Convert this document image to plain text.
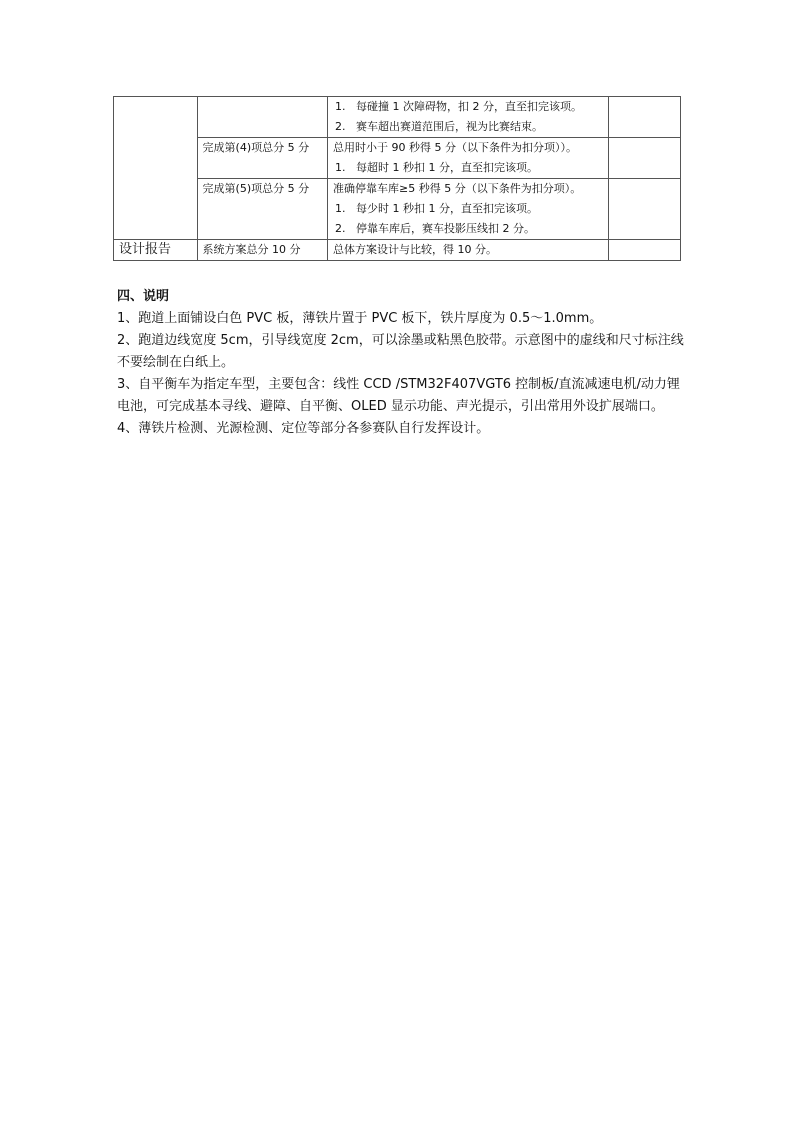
		1. 每碰撞 1 次障碍物，扣 2 分，直至扣完该项。
2. 赛车超出赛道范围后，视为比赛结束。	

	完成第(4)项总分 5 分	总用时小于 90 秒得 5 分（以下条件为扣分项））。
1. 每超时 1 秒扣 1 分，直至扣完该项。	

	完成第(5)项总分 5 分	准确停靠车库≥5 秒得 5 分（以下条件为扣分项）。
1. 每少时 1 秒扣 1 分，直至扣完该项。
2. 停靠车库后，赛车投影压线扣 2 分。	

设计报告	系统方案总分 10 分	总体方案设计与比较，得 10 分。	
四、说明

1、跑道上面铺设白色 PVC 板，薄铁片置于 PVC 板下，铁片厚度为 0.5～1.0mm。

2、跑道边线宽度 5cm，引导线宽度 2cm，可以涂墨或粘黑色胶带。示意图中的虚线和尺寸标注线不要绘制在白纸上。

3、自平衡车为指定车型，主要包含：线性 CCD /STM32F407VGT6 控制板/直流减速电机/动力锂电池，可完成基本寻线、避障、自平衡、OLED 显示功能、声光提示，引出常用外设扩展端口。

4、薄铁片检测、光源检测、定位等部分各参赛队自行发挥设计。
